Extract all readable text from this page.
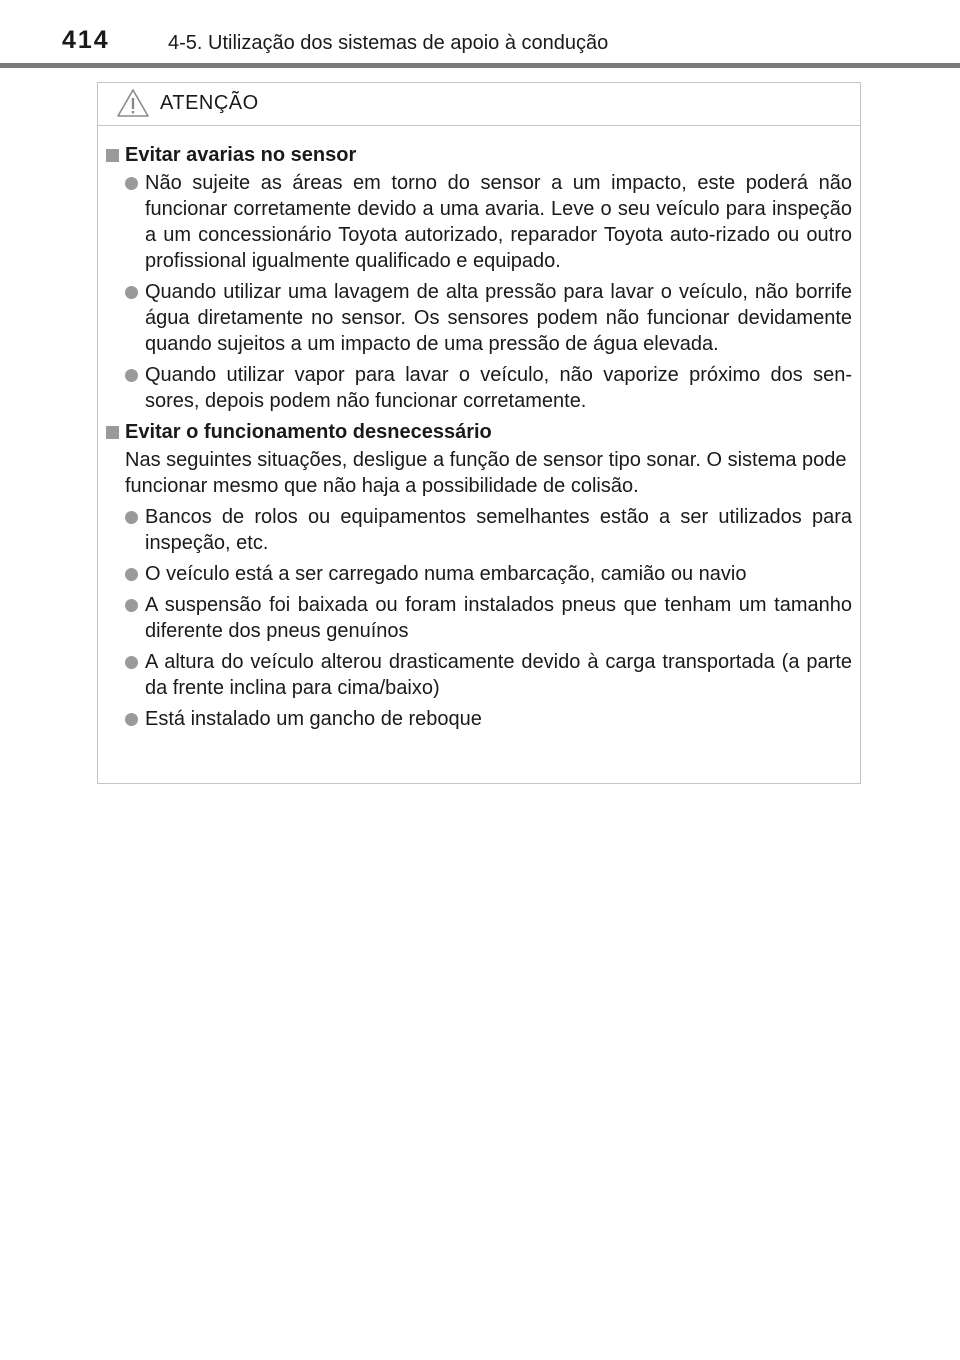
414	4-5. Utilização dos sistemas de apoio à condução
ATENÇÃO
Evitar avarias no sensor
Não sujeite as áreas em torno do sensor a um impacto, este poderá não funcionar corretamente devido a uma avaria. Leve o seu veículo para inspeção a um concessionário Toyota autorizado, reparador Toyota auto-rizado ou outro profissional igualmente qualificado e equipado.
Quando utilizar uma lavagem de alta pressão para lavar o veículo, não borrife água diretamente no sensor. Os sensores podem não funcionar devidamente quando sujeitos a um impacto de uma pressão de água elevada.
Quando utilizar vapor para lavar o veículo, não vaporize próximo dos sen-sores, depois podem não funcionar corretamente.
Evitar o funcionamento desnecessário
Nas seguintes situações, desligue a função de sensor tipo sonar. O sistema pode funcionar mesmo que não haja a possibilidade de colisão.
Bancos de rolos ou equipamentos semelhantes estão a ser utilizados para inspeção, etc.
O veículo está a ser carregado numa embarcação, camião ou navio
A suspensão foi baixada ou foram instalados pneus que tenham um tamanho diferente dos pneus genuínos
A altura do veículo alterou drasticamente devido à carga transportada (a parte da frente inclina para cima/baixo)
Está instalado um gancho de reboque
